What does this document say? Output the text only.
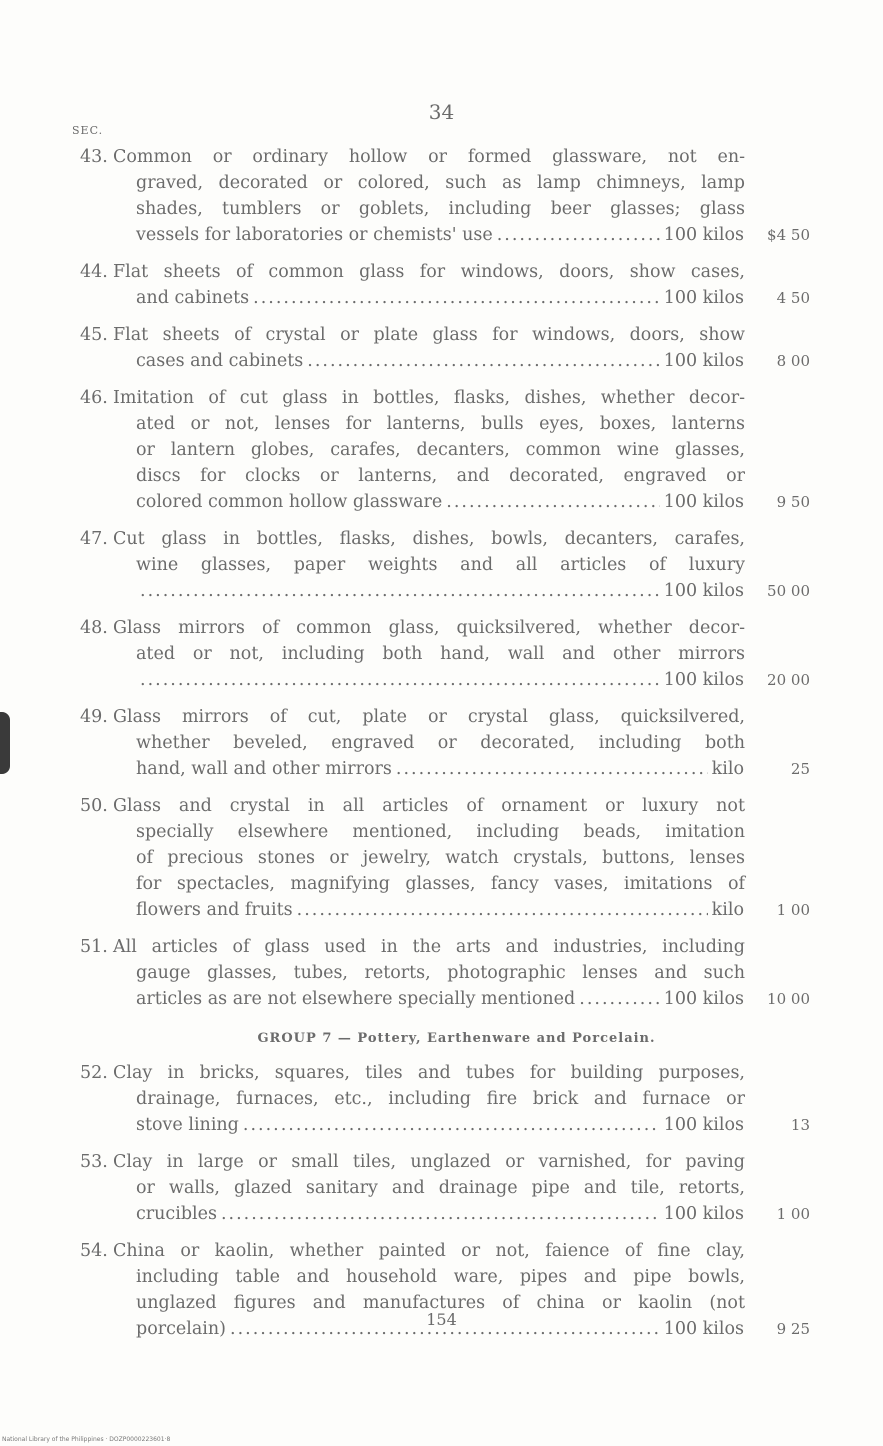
34
SEC.
43. Common or ordinary hollow or formed glassware, not en-
graved, decorated or colored, such as lamp chimneys, lamp
shades, tumblers or goblets, including beer glasses; glass
vessels for laboratories or chemists' use .....	100 kilos	$4 50
44. Flat sheets of common glass for windows, doors, show cases,
and cabinets .....	100 kilos	4 50
45. Flat sheets of crystal or plate glass for windows, doors, show
cases and cabinets .....	100 kilos	8 00
46. Imitation of cut glass in bottles, flasks, dishes, whether decor-
ated or not, lenses for lanterns, bulls eyes, boxes, lanterns
or lantern globes, carafes, decanters, common wine glasses,
discs for clocks or lanterns, and decorated, engraved or
colored common hollow glassware .....	100 kilos	9 50
47. Cut glass in bottles, flasks, dishes, bowls, decanters, carafes,
wine glasses, paper weights and all articles of luxury
.....
100 kilos	50 00
48. Glass mirrors of common glass, quicksilvered, whether decor-
ated or not, including both hand, wall and other mirrors
.....
100 kilos	20 00
49. Glass mirrors of cut, plate or crystal glass, quicksilvered,
whether beveled, engraved or decorated, including both
hand, wall and other mirrors .....	kilo	25
50. Glass and crystal in all articles of ornament or luxury not
specially elsewhere mentioned, including beads, imitation
of precious stones or jewelry, watch crystals, buttons, lenses
for spectacles, magnifying glasses, fancy vases, imitations of
flowers and fruits .....	kilo	1 00
51. All articles of glass used in the arts and industries, including
gauge glasses, tubes, retorts, photographic lenses and such
articles as are not elsewhere specially mentioned .....	100 kilos	10 00
GROUP 7 — Pottery, Earthenware and Porcelain.
52. Clay in bricks, squares, tiles and tubes for building purposes,
drainage, furnaces, etc., including fire brick and furnace or
stove lining .....	100 kilos	13
53. Clay in large or small tiles, unglazed or varnished, for paving
or walls, glazed sanitary and drainage pipe and tile, retorts,
crucibles .....	100 kilos	1 00
54. China or kaolin, whether painted or not, faience of fine clay,
including table and household ware, pipes and pipe bowls,
unglazed figures and manufactures of china or kaolin (not
porcelain) .....	100 kilos	9 25
154
National Library of the Philippines · DOZP0000223601·8
